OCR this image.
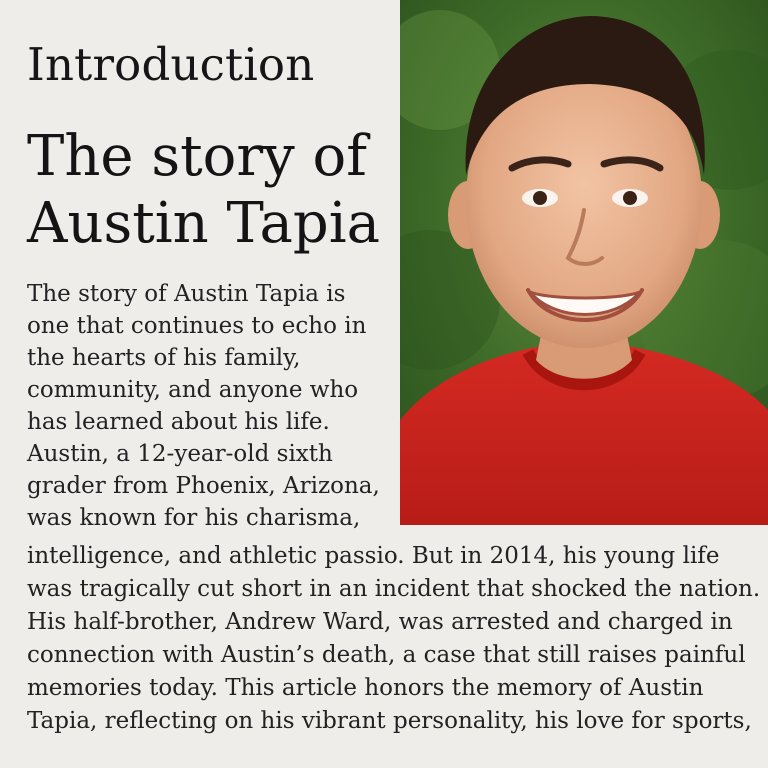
Introduction
The story of Austin Tapia

The story of Austin Tapia is

one that continues to echo in

the hearts of his family,

community, and anyone who

has learned about his life.

Austin, a 12-year-old sixth

grader from Phoenix, Arizona,

was known for his charisma,

intelligence, and athletic passio. But in 2014, his young life

was tragically cut short in an incident that shocked the nation.

His half-brother, Andrew Ward, was arrested and charged in

connection with Austin’s death, a case that still raises painful

memories today. This article honors the memory of Austin

Tapia, reflecting on his vibrant personality, his love for sports,
